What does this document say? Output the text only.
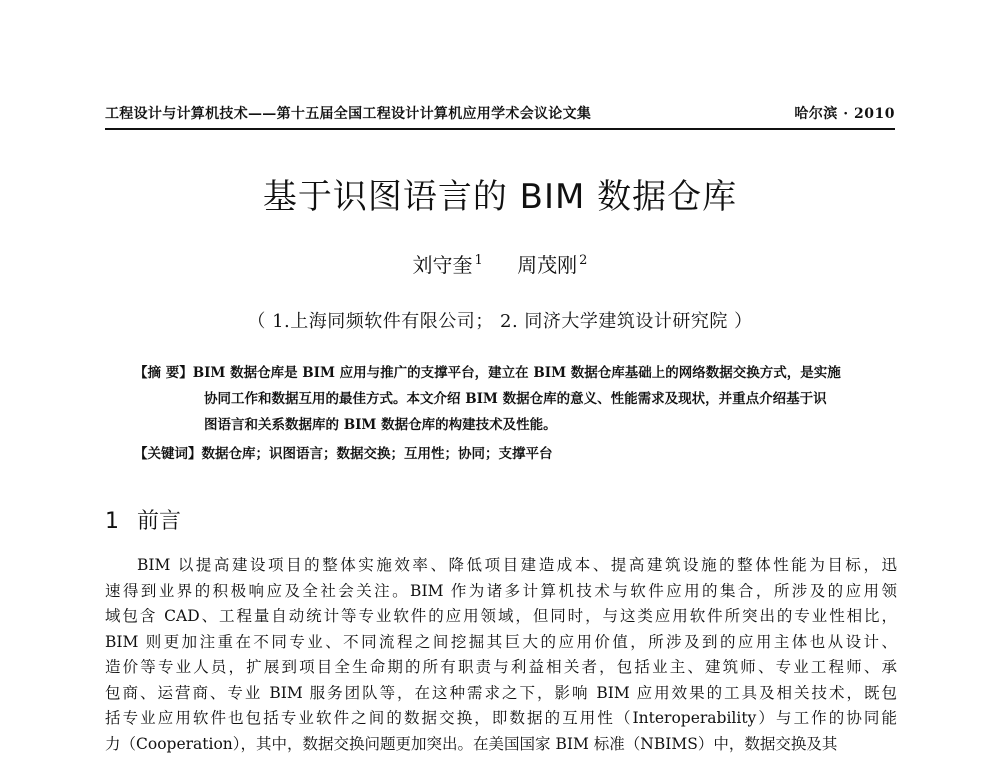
工程设计与计算机技术——第十五届全国工程设计计算机应用学术会议论文集	哈尔滨 · 2010
基于识图语言的 BIM 数据仓库
刘守奎 $^1$ 周茂刚 $^2$
（ 1.上海同频软件有限公司； 2. 同济大学建筑设计研究院 ）
【摘 要】BIM 数据仓库是 BIM 应用与推广的支撑平台，建立在 BIM 数据仓库基础上的网络数据交换方式，是实施
协同工作和数据互用的最佳方式。本文介绍 BIM 数据仓库的意义、性能需求及现状，并重点介绍基于识
图语言和关系数据库的 BIM 数据仓库的构建技术及性能。
【关键词】数据仓库；识图语言；数据交换；互用性；协同；支撑平台
1 前言
BIM 以提高建设项目的整体实施效率、降低项目建造成本、提高建筑设施的整体性能为目标，迅
速得到业界的积极响应及全社会关注。BIM 作为诸多计算机技术与软件应用的集合，所涉及的应用领
域包含 CAD、工程量自动统计等专业软件的应用领域，但同时，与这类应用软件所突出的专业性相比，
BIM 则更加注重在不同专业、不同流程之间挖掘其巨大的应用价值，所涉及到的应用主体也从设计、
造价等专业人员，扩展到项目全生命期的所有职责与利益相关者，包括业主、建筑师、专业工程师、承
包商、运营商、专业 BIM 服务团队等，在这种需求之下，影响 BIM 应用效果的工具及相关技术，既包
括专业应用软件也包括专业软件之间的数据交换，即数据的互用性（Interoperability）与工作的协同能
力（Cooperation），其中，数据交换问题更加突出。在美国国家 BIM 标准（NBIMS）中，数据交换及其
